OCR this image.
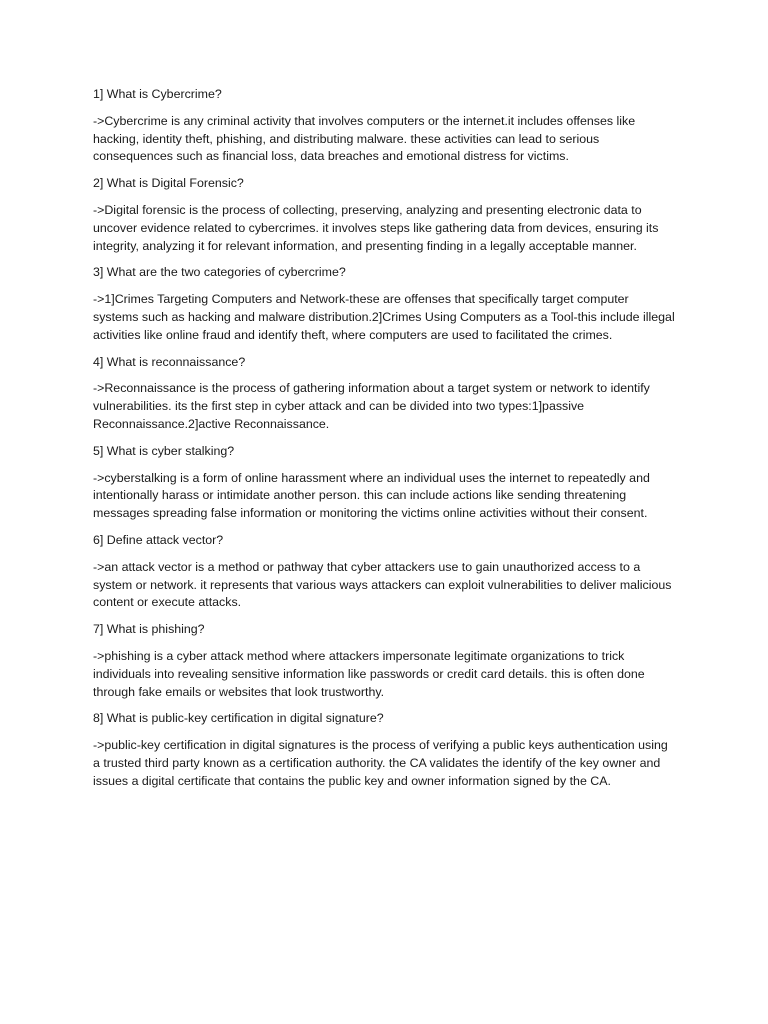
1] What is Cybercrime?

->Cybercrime is any criminal activity that involves computers or the internet.it includes offenses like hacking, identity theft, phishing, and distributing malware. these activities can lead to serious consequences such as financial loss, data breaches and emotional distress for victims.

2] What is Digital Forensic?

->Digital forensic is the process of collecting, preserving, analyzing and presenting electronic data to uncover evidence related to cybercrimes. it involves steps like gathering data from devices, ensuring its integrity, analyzing it for relevant information, and presenting finding in a legally acceptable manner.

3] What are the two categories of cybercrime?

->1]Crimes Targeting Computers and Network-these are offenses that specifically target computer systems such as hacking and malware distribution.2]Crimes Using Computers as a Tool-this include illegal activities like online fraud and identify theft, where computers are used to facilitated the crimes.

4] What is reconnaissance?

->Reconnaissance is the process of gathering information about a target system or network to identify vulnerabilities. its the first step in cyber attack and can be divided into two types:1]passive Reconnaissance.2]active Reconnaissance.

5] What is cyber stalking?

->cyberstalking is a form of online harassment where an individual uses the internet to repeatedly and intentionally harass or intimidate another person. this can include actions like sending threatening messages spreading false information or monitoring the victims online activities without their consent.

6] Define attack vector?

->an attack vector is a method or pathway that cyber attackers use to gain unauthorized access to a system or network. it represents that various ways attackers can exploit vulnerabilities to deliver malicious content or execute attacks.

7] What is phishing?

->phishing is a cyber attack method where attackers impersonate legitimate organizations to trick individuals into revealing sensitive information like passwords or credit card details. this is often done through fake emails or websites that look trustworthy.

8] What is public-key certification in digital signature?

->public-key certification in digital signatures is the process of verifying a public keys authentication using a trusted third party known as a certification authority. the CA validates the identify of the key owner and issues a digital certificate that contains the public key and owner information signed by the CA.
